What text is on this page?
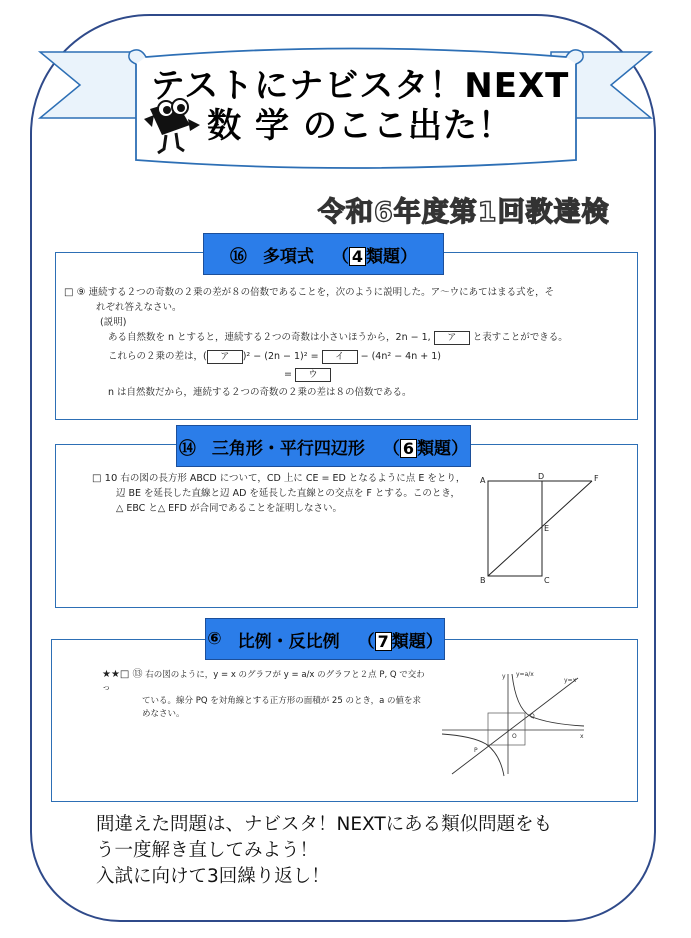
テストにナビスタ！NEXT
数 学 のここ出た！
令和6年度第1回教達検
□ ⑨ 連続する２つの奇数の２乗の差が８の倍数であることを，次のように説明した。ア～ウにあてはまる式を，そ
れぞれ答えなさい。
(説明)
ある自然数を n とすると，連続する２つの奇数は小さいほうから，2n − 1, ア と表すことができる。
これらの２乗の差は，( ア )² − (2n − 1)² = イ − (4n² − 4n + 1)
= ウ
n は自然数だから，連続する２つの奇数の２乗の差は８の倍数である。
⑯ 多項式 （ 4 類題）
□ 10 右の図の長方形 ABCD について，CD 上に CE = ED となるように点 E をとり，
辺 BE を延長した直線と辺 AD を延長した直線との交点を F とする。このとき，
△ EBC と△ EFD が合同であることを証明しなさい。
A	D	F
E
B	C
⑭ 三角形・平行四辺形 （ 6 類題）
★★□ ⑬ 右の図のように，y = x のグラフが y = a/x のグラフと２点 P, Q で交わっ
ている。線分 PQ を対角線とする正方形の面積が 25 のとき，a の値を求
めなさい。
y
x
O
P
Q
y=x
y=a/x
⑥ 比例・反比例 （ 7 類題）
間違えた問題は、ナビスタ！NEXTにある類似問題をも
う一度解き直してみよう！
入試に向けて3回繰り返し！
